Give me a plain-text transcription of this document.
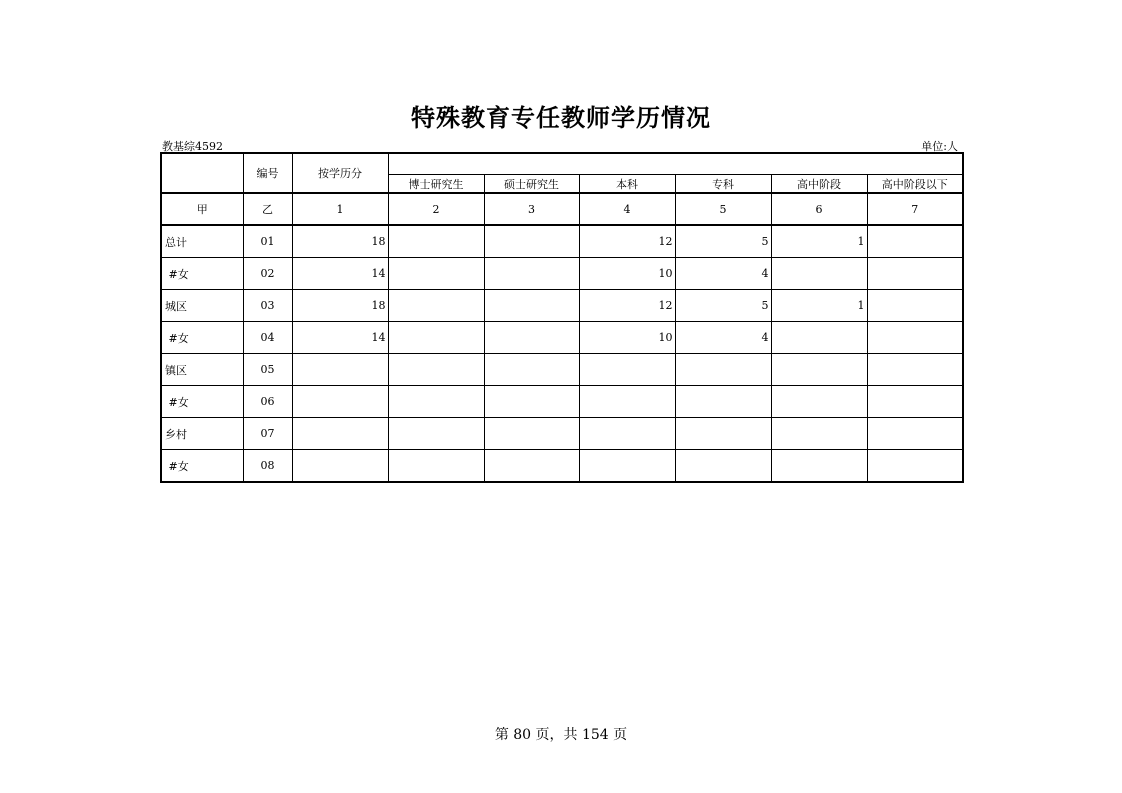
特殊教育专任教师学历情况
教基综4592	单位:人
	编号	按学历分						
			博士研究生	硕士研究生	本科	专科	高中阶段	高中阶段以下
甲	乙	1	2	3	4	5	6	7
总计	01	18			12	5	1	
#女	02	14			10	4		
城区	03	18			12	5	1	
#女	04	14			10	4		
镇区	05							
#女	06							
乡村	07							
#女	08							
第 80 页，共 154 页
